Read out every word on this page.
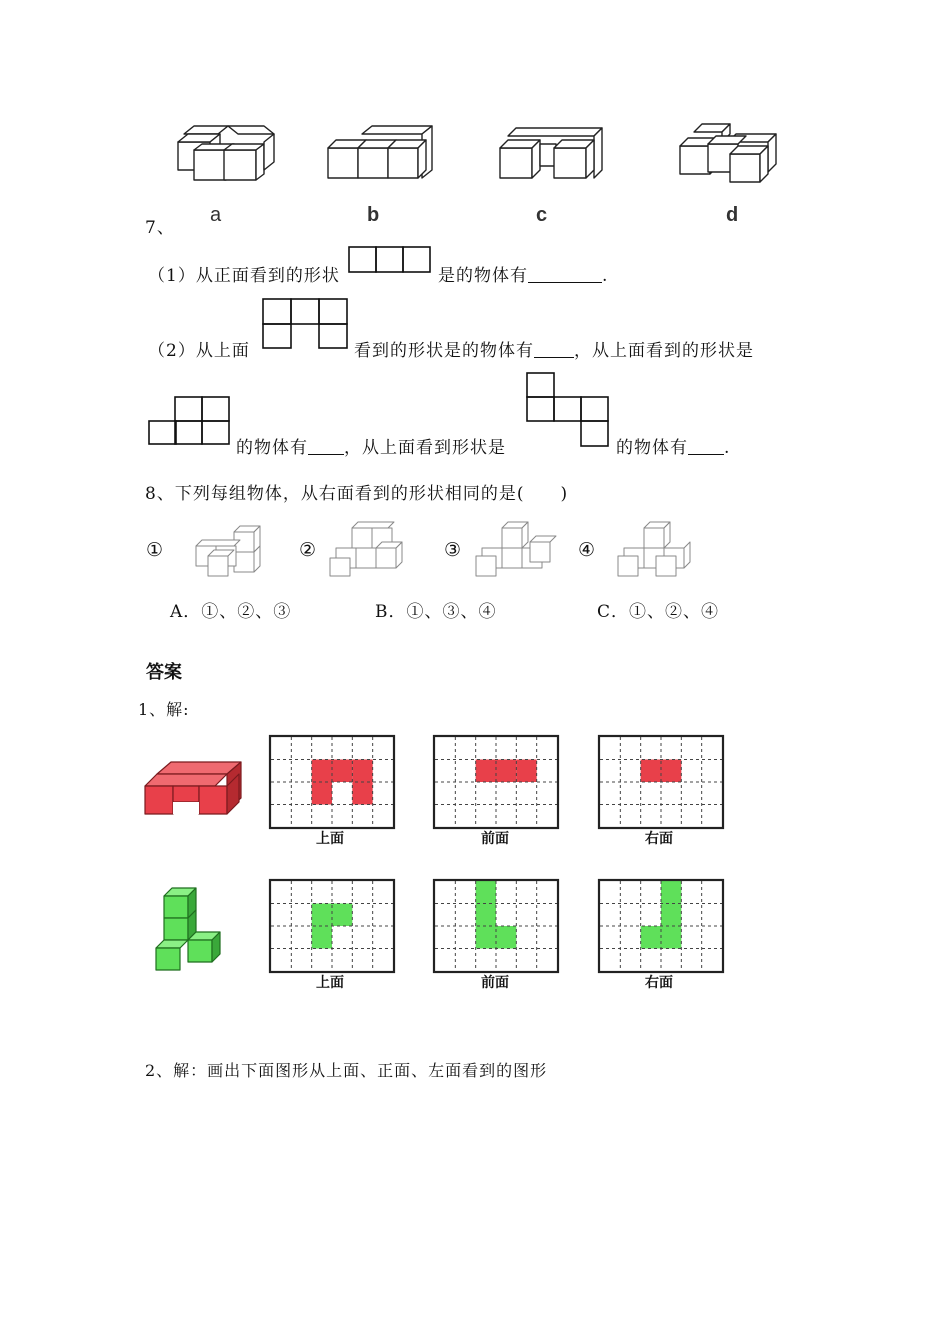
7、
a	b	c	d
（1）从正面看到的形状	是的物体有	.
（2）从上面	看到的形状是的物体有 ，从上面看到的形状是
的物体有 ，从上面看到形状是	的物体有 .
8、下列每组物体，从右面看到的形状相同的是(　　)
①	②	③	④
A．①、②、③	B．①、③、④	C．①、②、④
答案
1、解:
上面	前面	右面
上面	前面	右面
2、解：画出下面图形从上面、正面、左面看到的图形
